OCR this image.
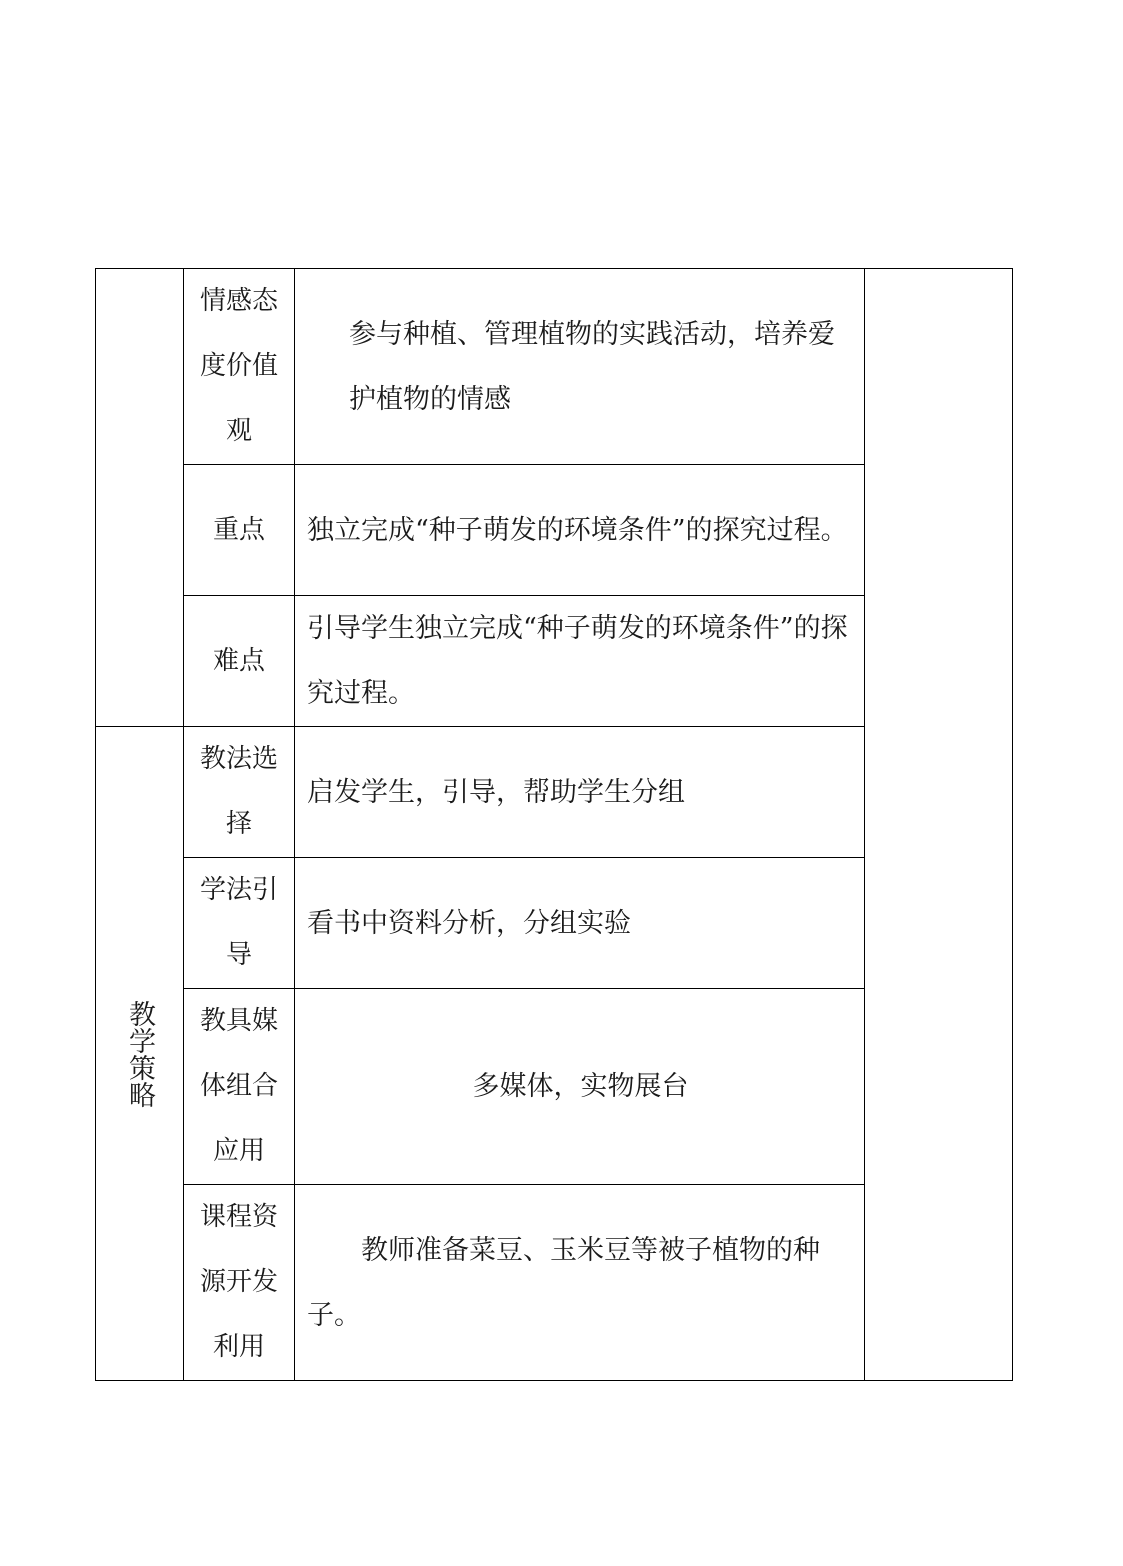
	情感态度价值观	参与种植、管理植物的实践活动，培养爱护植物的情感	

	重点	独立完成“种子萌发的环境条件”的探究过程。	

	难点	引导学生独立完成“种子萌发的环境条件”的探究过程。	

教学策略	教法选择	启发学生，引导，帮助学生分组	

	学法引导	看书中资料分析，分组实验	

	教具媒体组合应用	多媒体，实物展台	

	课程资源开发利用	教师准备菜豆、玉米豆等被子植物的种子。	
